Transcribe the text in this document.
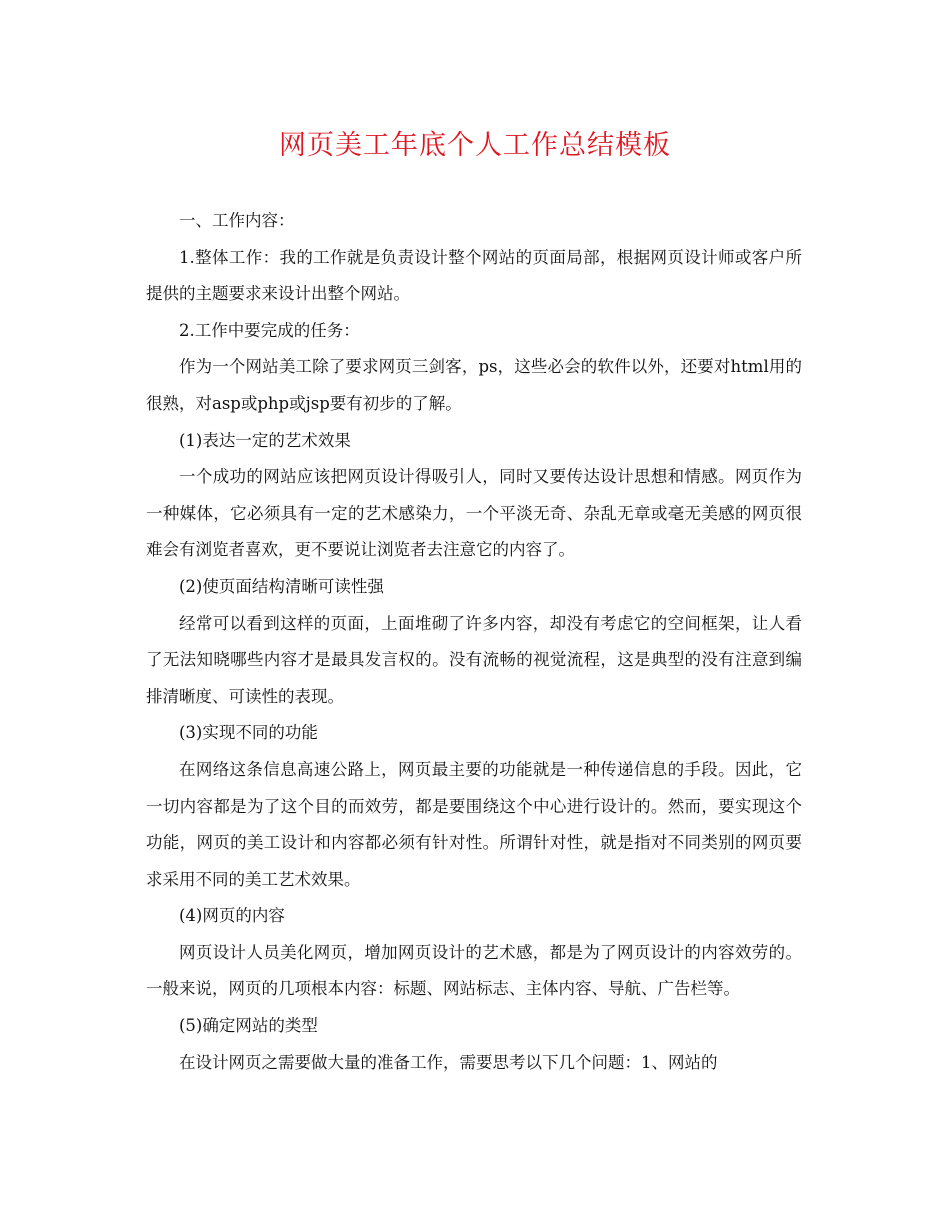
网页美工年底个人工作总结模板

一、工作内容：

1.整体工作：我的工作就是负责设计整个网站的页面局部，根据网页设计师或客户所提供的主题要求来设计出整个网站。

2.工作中要完成的任务：

作为一个网站美工除了要求网页三剑客，ps，这些必会的软件以外，还要对html用的很熟，对asp或php或jsp要有初步的了解。

(1)表达一定的艺术效果

一个成功的网站应该把网页设计得吸引人，同时又要传达设计思想和情感。网页作为一种媒体，它必须具有一定的艺术感染力，一个平淡无奇、杂乱无章或毫无美感的网页很难会有浏览者喜欢，更不要说让浏览者去注意它的内容了。

(2)使页面结构清晰可读性强

经常可以看到这样的页面，上面堆砌了许多内容，却没有考虑它的空间框架，让人看了无法知晓哪些内容才是最具发言权的。没有流畅的视觉流程，这是典型的没有注意到编排清晰度、可读性的表现。

(3)实现不同的功能

在网络这条信息高速公路上，网页最主要的功能就是一种传递信息的手段。因此，它一切内容都是为了这个目的而效劳，都是要围绕这个中心进行设计的。然而，要实现这个功能，网页的美工设计和内容都必须有针对性。所谓针对性，就是指对不同类别的网页要求采用不同的美工艺术效果。

(4)网页的内容

网页设计人员美化网页，增加网页设计的艺术感，都是为了网页设计的内容效劳的。一般来说，网页的几项根本内容：标题、网站标志、主体内容、导航、广告栏等。

(5)确定网站的类型

在设计网页之需要做大量的准备工作，需要思考以下几个问题：1、网站的
